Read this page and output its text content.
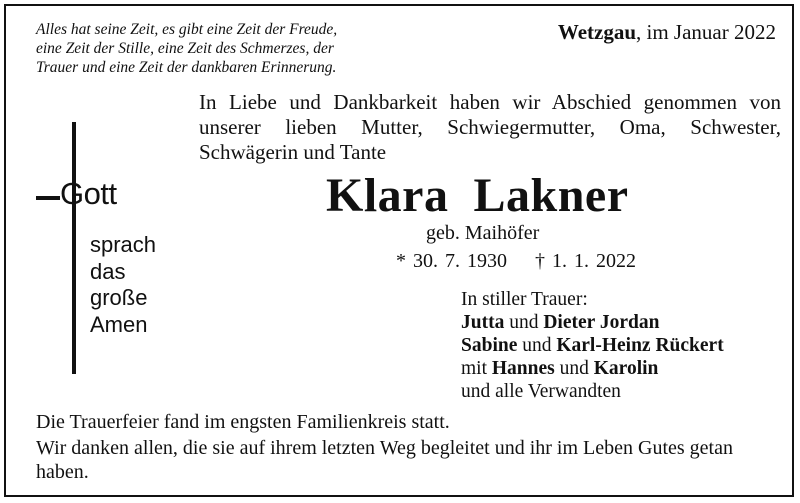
Alles hat seine Zeit, es gibt eine Zeit der Freude,
eine Zeit der Stille, eine Zeit des Schmerzes, der
Trauer und eine Zeit der dankbaren Erinnerung.
Wetzgau, im Januar 2022
Gott
sprach
das
große
Amen
In Liebe und Dankbarkeit haben wir Abschied genommen von
unserer lieben Mutter, Schwiegermutter, Oma, Schwester,
Schwägerin und Tante
Klara  Lakner
geb. Maihöfer
* 30. 7. 1930    † 1. 1. 2022
In stiller Trauer:
Jutta und Dieter Jordan
Sabine und Karl-Heinz Rückert
mit Hannes und Karolin
und alle Verwandten
Die Trauerfeier fand im engsten Familienkreis statt.
Wir danken allen, die sie auf ihrem letzten Weg begleitet und ihr im Leben Gutes getan haben.
